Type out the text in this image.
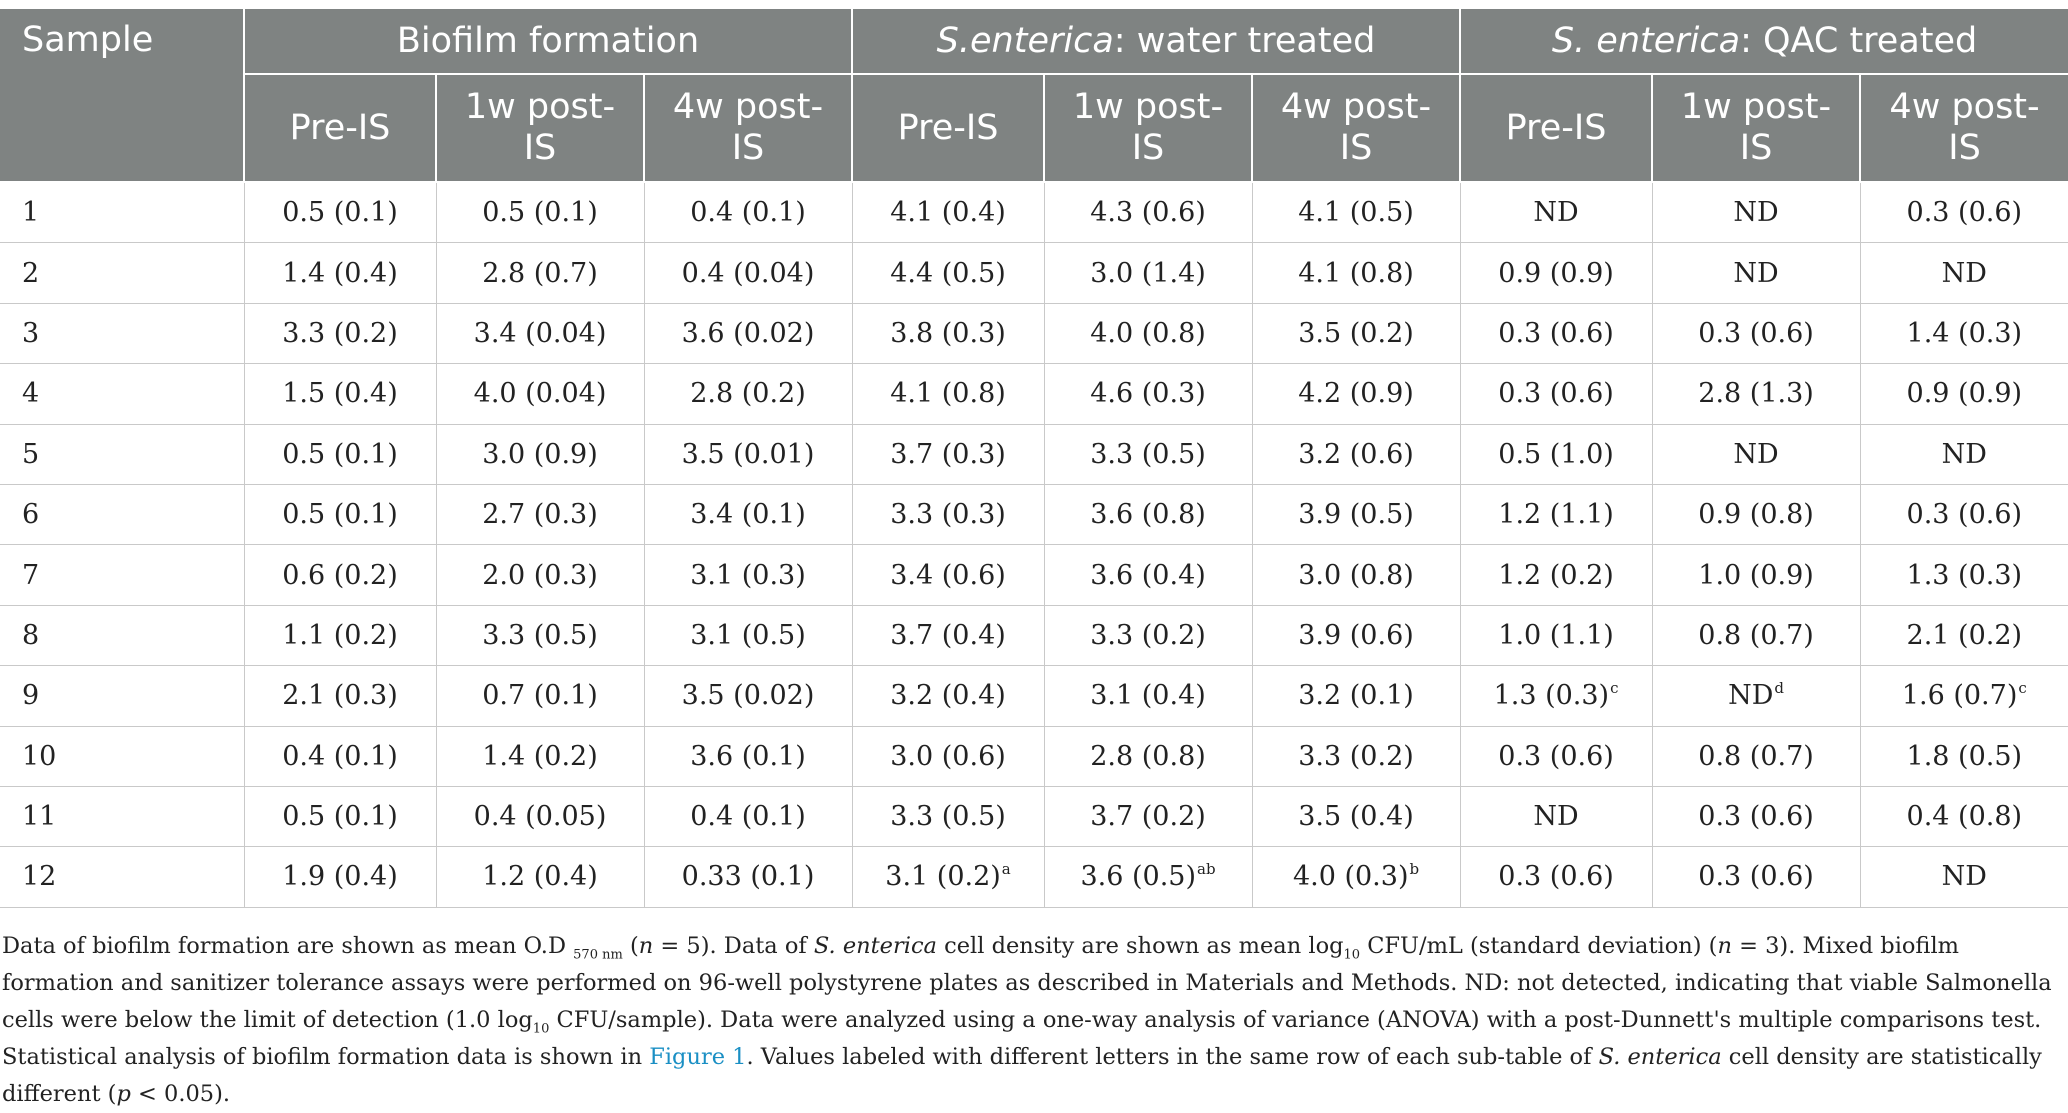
Sample	Biofilm formation			S.enterica: water treated			S. enterica: QAC treated		
	Pre-IS	1w post-IS	4w post-IS	Pre-IS	1w post-IS	4w post-IS	Pre-IS	1w post-IS	4w post-IS
1	0.5 (0.1)	0.5 (0.1)	0.4 (0.1)	4.1 (0.4)	4.3 (0.6)	4.1 (0.5)	ND	ND	0.3 (0.6)
2	1.4 (0.4)	2.8 (0.7)	0.4 (0.04)	4.4 (0.5)	3.0 (1.4)	4.1 (0.8)	0.9 (0.9)	ND	ND
3	3.3 (0.2)	3.4 (0.04)	3.6 (0.02)	3.8 (0.3)	4.0 (0.8)	3.5 (0.2)	0.3 (0.6)	0.3 (0.6)	1.4 (0.3)
4	1.5 (0.4)	4.0 (0.04)	2.8 (0.2)	4.1 (0.8)	4.6 (0.3)	4.2 (0.9)	0.3 (0.6)	2.8 (1.3)	0.9 (0.9)
5	0.5 (0.1)	3.0 (0.9)	3.5 (0.01)	3.7 (0.3)	3.3 (0.5)	3.2 (0.6)	0.5 (1.0)	ND	ND
6	0.5 (0.1)	2.7 (0.3)	3.4 (0.1)	3.3 (0.3)	3.6 (0.8)	3.9 (0.5)	1.2 (1.1)	0.9 (0.8)	0.3 (0.6)
7	0.6 (0.2)	2.0 (0.3)	3.1 (0.3)	3.4 (0.6)	3.6 (0.4)	3.0 (0.8)	1.2 (0.2)	1.0 (0.9)	1.3 (0.3)
8	1.1 (0.2)	3.3 (0.5)	3.1 (0.5)	3.7 (0.4)	3.3 (0.2)	3.9 (0.6)	1.0 (1.1)	0.8 (0.7)	2.1 (0.2)
9	2.1 (0.3)	0.7 (0.1)	3.5 (0.02)	3.2 (0.4)	3.1 (0.4)	3.2 (0.1)	1.3 $(0.3)^c$	$ND^d$	1.6 $(0.7)^c$
10	0.4 (0.1)	1.4 (0.2)	3.6 (0.1)	3.0 (0.6)	2.8 (0.8)	3.3 (0.2)	0.3 (0.6)	0.8 (0.7)	1.8 (0.5)
11	0.5 (0.1)	0.4 (0.05)	0.4 (0.1)	3.3 (0.5)	3.7 (0.2)	3.5 (0.4)	ND	0.3 (0.6)	0.4 (0.8)
12	1.9 (0.4)	1.2 (0.4)	0.33 (0.1)	3.1 $(0.2)^a$	3.6 $(0.5)^{ab}$	4.0 $(0.3)^b$	0.3 (0.6)	0.3 (0.6)	ND
Data of biofilm formation are shown as mean O.D $_{570 nm}$ (n = 5). Data of S. enterica cell density are shown as mean $\log_{10} CFU/mL$ (standard deviation) (n = 3). Mixed biofilm formation and sanitizer tolerance assays were performed on 96-well polystyrene plates as described in Materials and Methods. ND: not detected, indicating that viable Salmonella cells were below the limit of detection (1.0 $\log_{10}$ CFU/sample). Data were analyzed using a one-way analysis of variance (ANOVA) with a post-Dunnett's multiple comparisons test. Statistical analysis of biofilm formation data is shown in Figure 1. Values labeled with different letters in the same row of each sub-table of S. enterica cell density are statistically different (p < 0.05).
